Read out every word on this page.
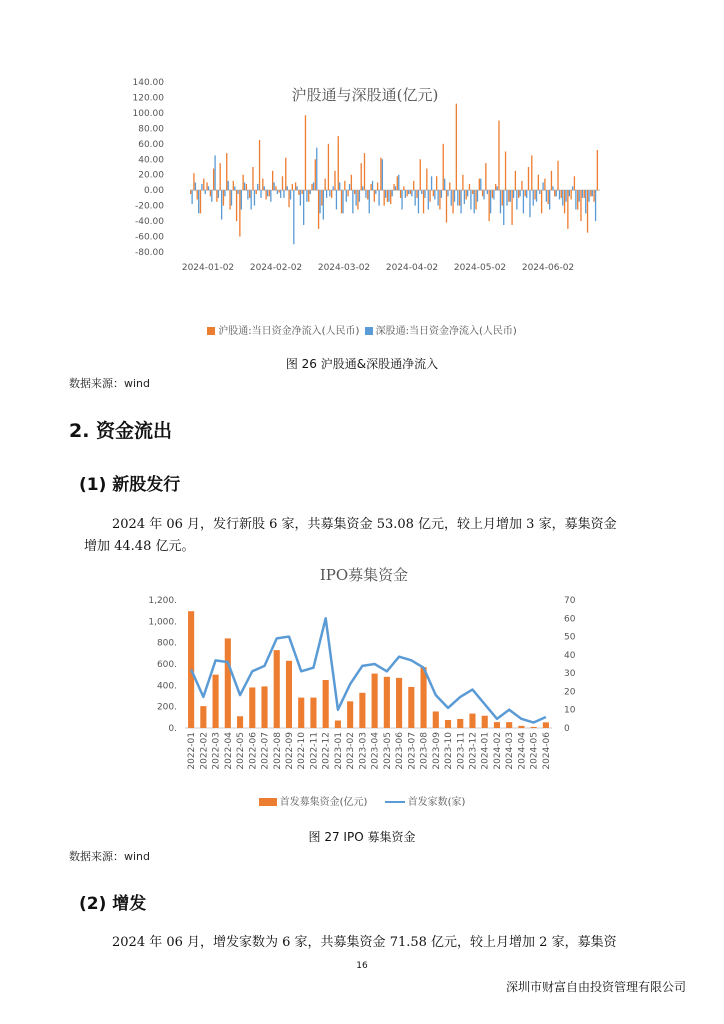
沪股通与深股通(亿元)
140.00
120.00
100.00
80.00
60.00
40.00
20.00
0.00
-20.00
-40.00
-60.00
-80.00
2024-01-02 2024-02-02 2024-03-02 2024-04-02 2024-05-02 2024-06-02
沪股通:当日资金净流入(人民币) 深股通:当日资金净流入(人民币)
图 26 沪股通&深股通净流入
数据来源：wind
2. 资金流出
(1) 新股发行
2024 年 06 月，发行新股 6 家，共募集资金 53.08 亿元，较上月增加 3 家，募集资金
增加 44.48 亿元。
IPO募集资金
1,200.
1,000.
800.
600.
400.
200.
0.
70
60
50
40
30
20
10
0
2022-01 2022-02 2022-03 2022-04 2022-05 2022-06 2022-07 2022-08 2022-09 2022-10 2022-11 2022-12 2023-01 2023-02 2023-03 2023-04 2023-05 2023-06 2023-07 2023-08 2023-09 2023-10 2023-11 2023-12 2024-01 2024-02 2024-03 2024-04 2024-05 2024-06
首发募集资金(亿元)	首发家数(家)
图 27 IPO 募集资金
数据来源：wind
(2) 增发
2024 年 06 月，增发家数为 6 家，共募集资金 71.58 亿元，较上月增加 2 家，募集资
16
深圳市财富自由投资管理有限公司
